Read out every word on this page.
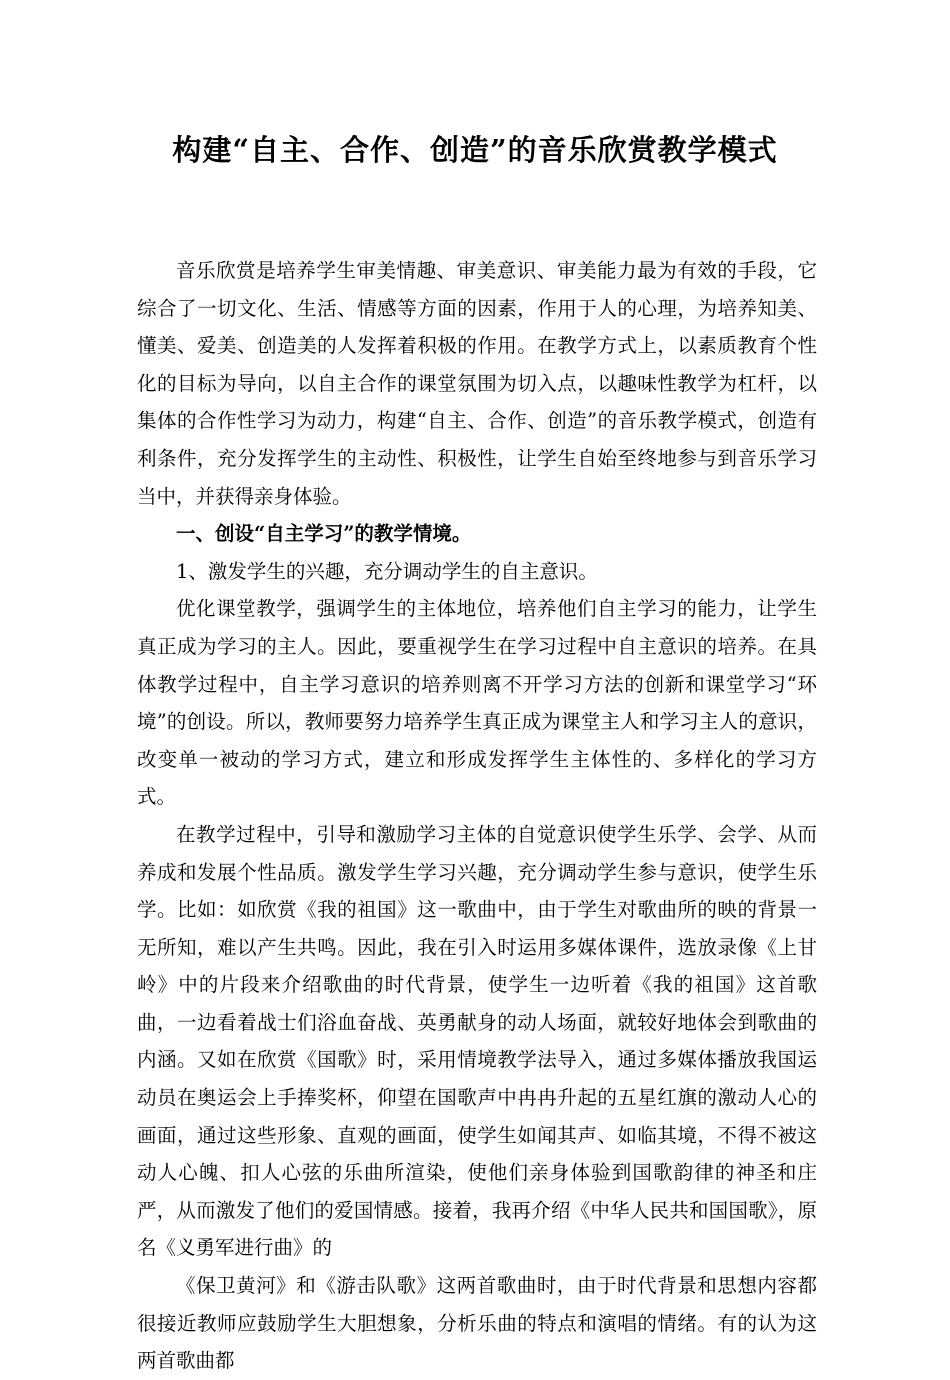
构建“自主、合作、创造”的音乐欣赏教学模式

音乐欣赏是培养学生审美情趣、审美意识、审美能力最为有效的手段，它综合了一切文化、生活、情感等方面的因素，作用于人的心理，为培养知美、懂美、爱美、创造美的人发挥着积极的作用。在教学方式上，以素质教育个性化的目标为导向，以自主合作的课堂氛围为切入点，以趣味性教学为杠杆，以集体的合作性学习为动力，构建“自主、合作、创造”的音乐教学模式，创造有利条件，充分发挥学生的主动性、积极性，让学生自始至终地参与到音乐学习当中，并获得亲身体验。

一、创设“自主学习”的教学情境。

1、激发学生的兴趣，充分调动学生的自主意识。

优化课堂教学，强调学生的主体地位，培养他们自主学习的能力，让学生真正成为学习的主人。因此，要重视学生在学习过程中自主意识的培养。在具体教学过程中，自主学习意识的培养则离不开学习方法的创新和课堂学习“环境”的创设。所以，教师要努力培养学生真正成为课堂主人和学习主人的意识，改变单一被动的学习方式，建立和形成发挥学生主体性的、多样化的学习方式。

在教学过程中，引导和激励学习主体的自觉意识使学生乐学、会学、从而养成和发展个性品质。激发学生学习兴趣，充分调动学生参与意识，使学生乐学。比如：如欣赏《我的祖国》这一歌曲中，由于学生对歌曲所的映的背景一无所知，难以产生共鸣。因此，我在引入时运用多媒体课件，选放录像《上甘岭》中的片段来介绍歌曲的时代背景，使学生一边听着《我的祖国》这首歌曲，一边看着战士们浴血奋战、英勇献身的动人场面，就较好地体会到歌曲的内涵。又如在欣赏《国歌》时，采用情境教学法导入，通过多媒体播放我国运动员在奥运会上手捧奖杯，仰望在国歌声中冉冉升起的五星红旗的激动人心的画面，通过这些形象、直观的画面，使学生如闻其声、如临其境，不得不被这动人心魄、扣人心弦的乐曲所渲染，使他们亲身体验到国歌韵律的神圣和庄严，从而激发了他们的爱国情感。接着，我再介绍《中华人民共和国国歌》，原名《义勇军进行曲》的

《保卫黄河》和《游击队歌》这两首歌曲时，由于时代背景和思想内容都很接近教师应鼓励学生大胆想象，分析乐曲的特点和演唱的情绪。有的认为这两首歌曲都
